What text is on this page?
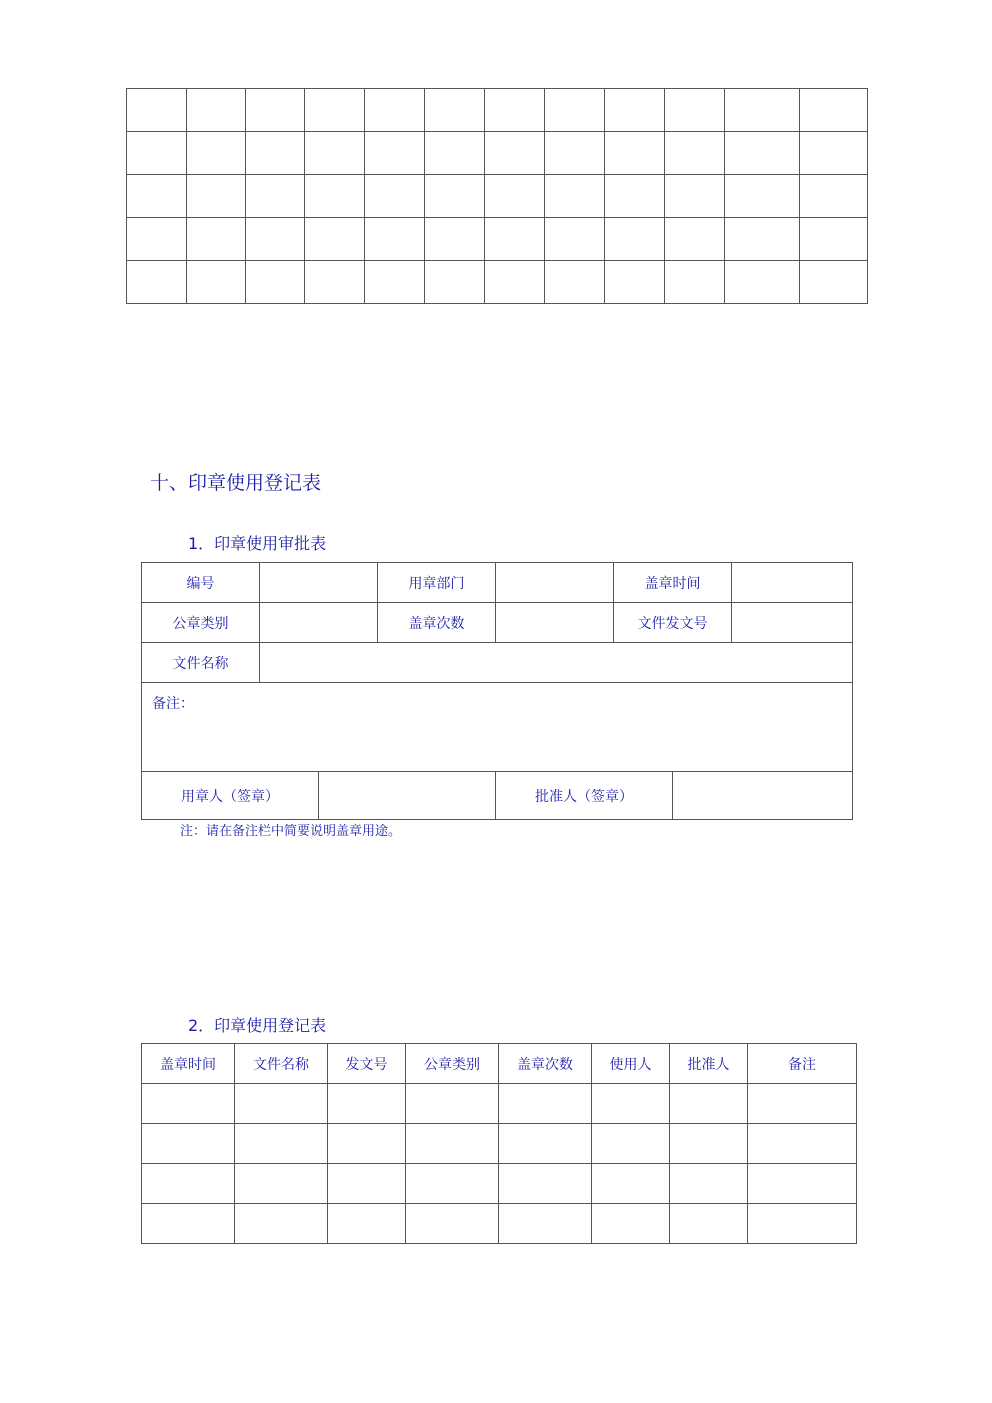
十、印章使用登记表
1．印章使用审批表
编号			用章部门		盖章时间		
公章类别			盖章次数		文件发文号		
文件名称							
备注：							
用章人（签章）				批准人（签章）			
注：请在备注栏中简要说明盖章用途。
2．印章使用登记表
盖章时间	文件名称	发文号	公章类别	盖章次数	使用人	批准人	备注
